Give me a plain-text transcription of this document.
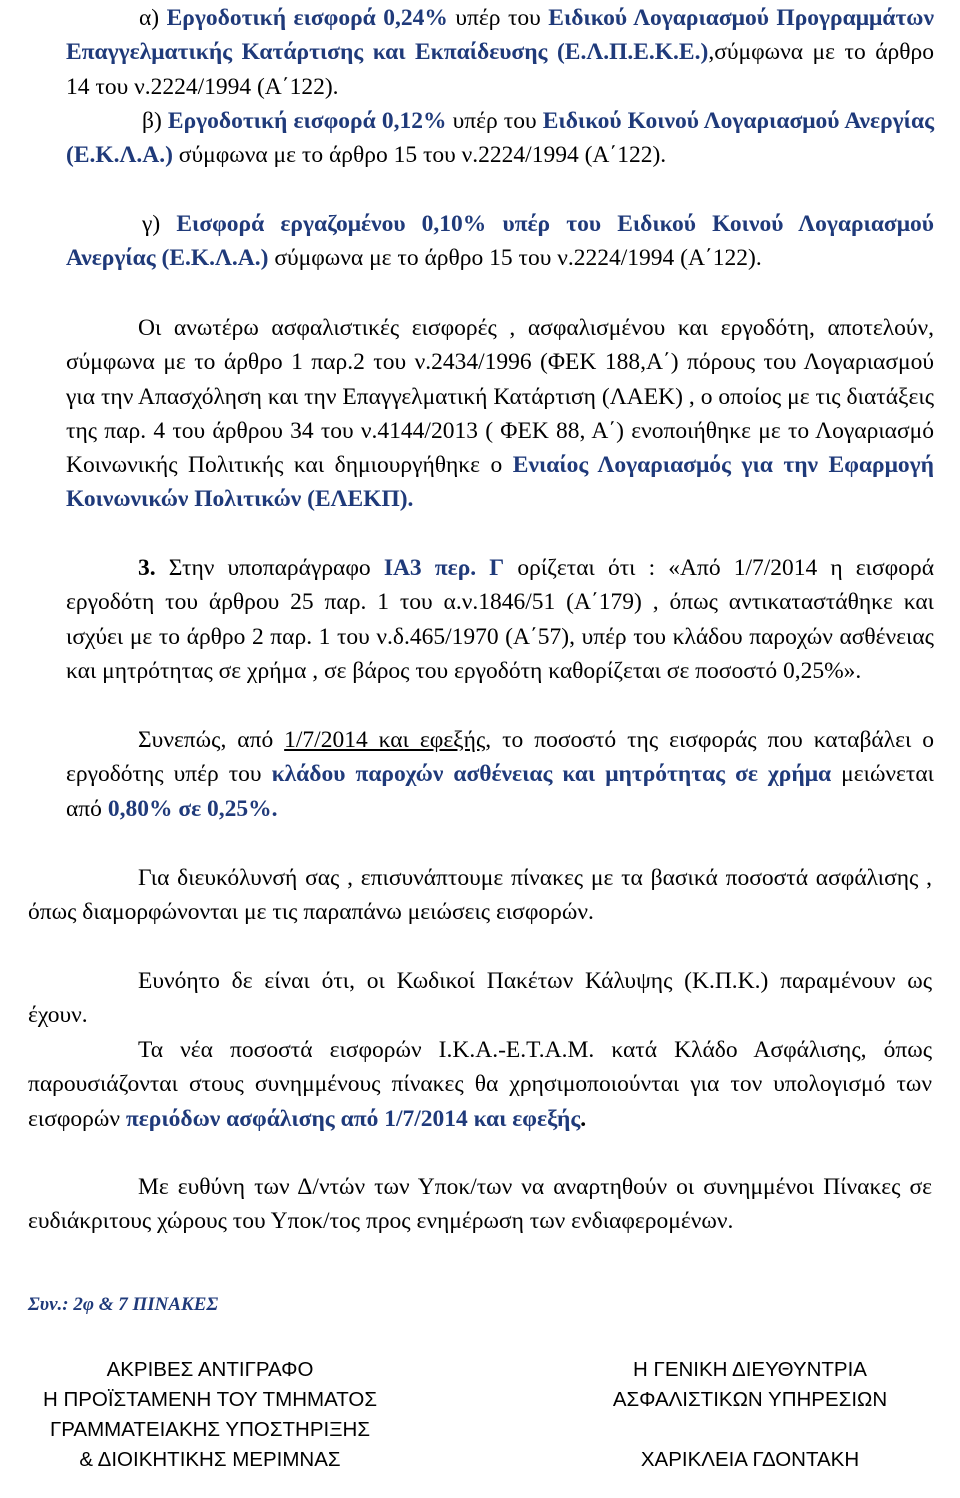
α) Εργοδοτική εισφορά 0,24% υπέρ του Ειδικού Λογαριασμού Προγραμμάτων Επαγγελματικής Κατάρτισης και Εκπαίδευσης (Ε.Λ.Π.Ε.Κ.Ε.),σύμφωνα με το άρθρο 14 του ν.2224/1994 (Α΄122).
β) Εργοδοτική εισφορά 0,12% υπέρ του Ειδικού Κοινού Λογαριασμού Ανεργίας (Ε.Κ.Λ.Α.) σύμφωνα με το άρθρο 15 του ν.2224/1994 (Α΄122).
γ) Εισφορά εργαζομένου 0,10% υπέρ του Ειδικού Κοινού Λογαριασμού Ανεργίας (Ε.Κ.Λ.Α.) σύμφωνα με το άρθρο 15 του ν.2224/1994 (Α΄122).
Οι ανωτέρω ασφαλιστικές εισφορές , ασφαλισμένου και εργοδότη, αποτελούν, σύμφωνα με το άρθρο 1 παρ.2 του ν.2434/1996 (ΦΕΚ 188,Α΄) πόρους του Λογαριασμού για την Απασχόληση και την Επαγγελματική Κατάρτιση (ΛΑΕΚ) , ο οποίος με τις διατάξεις της παρ. 4 του άρθρου 34 του ν.4144/2013 ( ΦΕΚ 88, Α΄) ενοποιήθηκε με το Λογαριασμό Κοινωνικής Πολιτικής και δημιουργήθηκε ο Ενιαίος Λογαριασμός για την Εφαρμογή Κοινωνικών Πολιτικών (ΕΛΕΚΠ).
3. Στην υποπαράγραφο ΙΑ3 περ. Γ ορίζεται ότι : «Από 1/7/2014 η εισφορά εργοδότη του άρθρου 25 παρ. 1 του α.ν.1846/51 (Α΄179) , όπως αντικαταστάθηκε και ισχύει με το άρθρο 2 παρ. 1 του ν.δ.465/1970 (Α΄57), υπέρ του κλάδου παροχών ασθένειας και μητρότητας σε χρήμα , σε βάρος του εργοδότη καθορίζεται σε ποσοστό 0,25%».
Συνεπώς, από 1/7/2014 και εφεξής, το ποσοστό της εισφοράς που καταβάλει ο εργοδότης υπέρ του κλάδου παροχών ασθένειας και μητρότητας σε χρήμα μειώνεται από 0,80% σε 0,25%.
Για διευκόλυνσή σας , επισυνάπτουμε πίνακες με τα βασικά ποσοστά ασφάλισης , όπως διαμορφώνονται με τις παραπάνω μειώσεις εισφορών.
Ευνόητο δε είναι ότι, οι Κωδικοί Πακέτων Κάλυψης (Κ.Π.Κ.) παραμένουν ως έχουν.
Τα νέα ποσοστά εισφορών Ι.Κ.Α.-Ε.Τ.Α.Μ. κατά Κλάδο Ασφάλισης, όπως παρουσιάζονται στους συνημμένους πίνακες θα χρησιμοποιούνται για τον υπολογισμό των εισφορών περιόδων ασφάλισης από 1/7/2014 και εφεξής.
Με ευθύνη των Δ/ντών των Υποκ/των να αναρτηθούν οι συνημμένοι Πίνακες σε ευδιάκριτους χώρους του Υποκ/τος προς ενημέρωση των ενδιαφερομένων.
Συν.: 2φ & 7 ΠΙΝΑΚΕΣ
ΑΚΡΙΒΕΣ ΑΝΤΙΓΡΑΦΟ
Η ΠΡΟΪΣΤΑΜΕΝΗ ΤΟΥ ΤΜΗΜΑΤΟΣ
ΓΡΑΜΜΑΤΕΙΑΚΗΣ ΥΠΟΣΤΗΡΙΞΗΣ
& ΔΙΟΙΚΗΤΙΚΗΣ ΜΕΡΙΜΝΑΣ
Η ΓΕΝΙΚΗ ΔΙΕΥΘΥΝΤΡΙΑ
ΑΣΦΑΛΙΣΤΙΚΩΝ ΥΠΗΡΕΣΙΩΝ
ΧΑΡΙΚΛΕΙΑ ΓΔΟΝΤΑΚΗ
